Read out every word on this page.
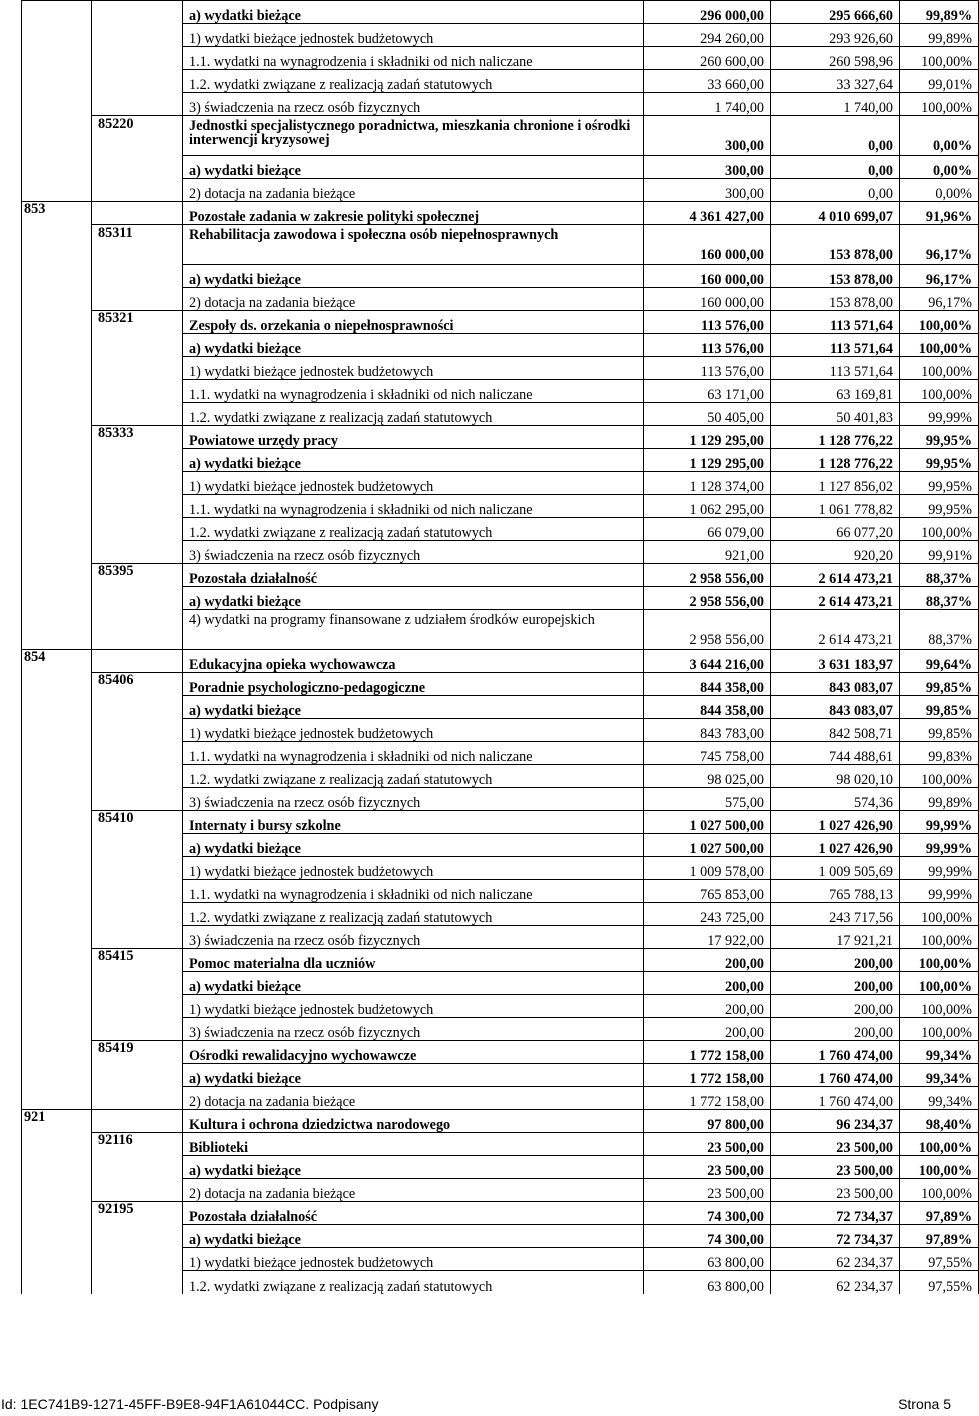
		a) wydatki bieżące	296 000,00	295 666,60	99,89%
		1) wydatki bieżące jednostek budżetowych	294 260,00	293 926,60	99,89%
		1.1. wydatki na wynagrodzenia i składniki od nich naliczane	260 600,00	260 598,96	100,00%
		1.2. wydatki związane z realizacją zadań statutowych	33 660,00	33 327,64	99,01%
		3) świadczenia na rzecz osób fizycznych	1 740,00	1 740,00	100,00%
	85220	Jednostki specjalistycznego poradnictwa, mieszkania chronione i ośrodki interwencji kryzysowej	300,00	0,00	0,00%
		a) wydatki bieżące	300,00	0,00	0,00%
		2) dotacja na zadania bieżące	300,00	0,00	0,00%
853		Pozostałe zadania w zakresie polityki społecznej	4 361 427,00	4 010 699,07	91,96%
	85311	Rehabilitacja zawodowa i społeczna osób niepełnosprawnych	160 000,00	153 878,00	96,17%
		a) wydatki bieżące	160 000,00	153 878,00	96,17%
		2) dotacja na zadania bieżące	160 000,00	153 878,00	96,17%
	85321	Zespoły ds. orzekania o niepełnosprawności	113 576,00	113 571,64	100,00%
		a) wydatki bieżące	113 576,00	113 571,64	100,00%
		1) wydatki bieżące jednostek budżetowych	113 576,00	113 571,64	100,00%
		1.1. wydatki na wynagrodzenia i składniki od nich naliczane	63 171,00	63 169,81	100,00%
		1.2. wydatki związane z realizacją zadań statutowych	50 405,00	50 401,83	99,99%
	85333	Powiatowe urzędy pracy	1 129 295,00	1 128 776,22	99,95%
		a) wydatki bieżące	1 129 295,00	1 128 776,22	99,95%
		1) wydatki bieżące jednostek budżetowych	1 128 374,00	1 127 856,02	99,95%
		1.1. wydatki na wynagrodzenia i składniki od nich naliczane	1 062 295,00	1 061 778,82	99,95%
		1.2. wydatki związane z realizacją zadań statutowych	66 079,00	66 077,20	100,00%
		3) świadczenia na rzecz osób fizycznych	921,00	920,20	99,91%
	85395	Pozostała działalność	2 958 556,00	2 614 473,21	88,37%
		a) wydatki bieżące	2 958 556,00	2 614 473,21	88,37%
		4) wydatki na programy finansowane z udziałem środków europejskich	2 958 556,00	2 614 473,21	88,37%
854		Edukacyjna opieka wychowawcza	3 644 216,00	3 631 183,97	99,64%
	85406	Poradnie psychologiczno-pedagogiczne	844 358,00	843 083,07	99,85%
		a) wydatki bieżące	844 358,00	843 083,07	99,85%
		1) wydatki bieżące jednostek budżetowych	843 783,00	842 508,71	99,85%
		1.1. wydatki na wynagrodzenia i składniki od nich naliczane	745 758,00	744 488,61	99,83%
		1.2. wydatki związane z realizacją zadań statutowych	98 025,00	98 020,10	100,00%
		3) świadczenia na rzecz osób fizycznych	575,00	574,36	99,89%
	85410	Internaty i bursy szkolne	1 027 500,00	1 027 426,90	99,99%
		a) wydatki bieżące	1 027 500,00	1 027 426,90	99,99%
		1) wydatki bieżące jednostek budżetowych	1 009 578,00	1 009 505,69	99,99%
		1.1. wydatki na wynagrodzenia i składniki od nich naliczane	765 853,00	765 788,13	99,99%
		1.2. wydatki związane z realizacją zadań statutowych	243 725,00	243 717,56	100,00%
		3) świadczenia na rzecz osób fizycznych	17 922,00	17 921,21	100,00%
	85415	Pomoc materialna dla uczniów	200,00	200,00	100,00%
		a) wydatki bieżące	200,00	200,00	100,00%
		1) wydatki bieżące jednostek budżetowych	200,00	200,00	100,00%
		3) świadczenia na rzecz osób fizycznych	200,00	200,00	100,00%
	85419	Ośrodki rewalidacyjno wychowawcze	1 772 158,00	1 760 474,00	99,34%
		a) wydatki bieżące	1 772 158,00	1 760 474,00	99,34%
		2) dotacja na zadania bieżące	1 772 158,00	1 760 474,00	99,34%
921		Kultura i ochrona dziedzictwa narodowego	97 800,00	96 234,37	98,40%
	92116	Biblioteki	23 500,00	23 500,00	100,00%
		a) wydatki bieżące	23 500,00	23 500,00	100,00%
		2) dotacja na zadania bieżące	23 500,00	23 500,00	100,00%
	92195	Pozostała działalność	74 300,00	72 734,37	97,89%
		a) wydatki bieżące	74 300,00	72 734,37	97,89%
		1) wydatki bieżące jednostek budżetowych	63 800,00	62 234,37	97,55%
		1.2. wydatki związane z realizacją zadań statutowych	63 800,00	62 234,37	97,55%
Id: 1EC741B9-1271-45FF-B9E8-94F1A61044CC. Podpisany	Strona 5
